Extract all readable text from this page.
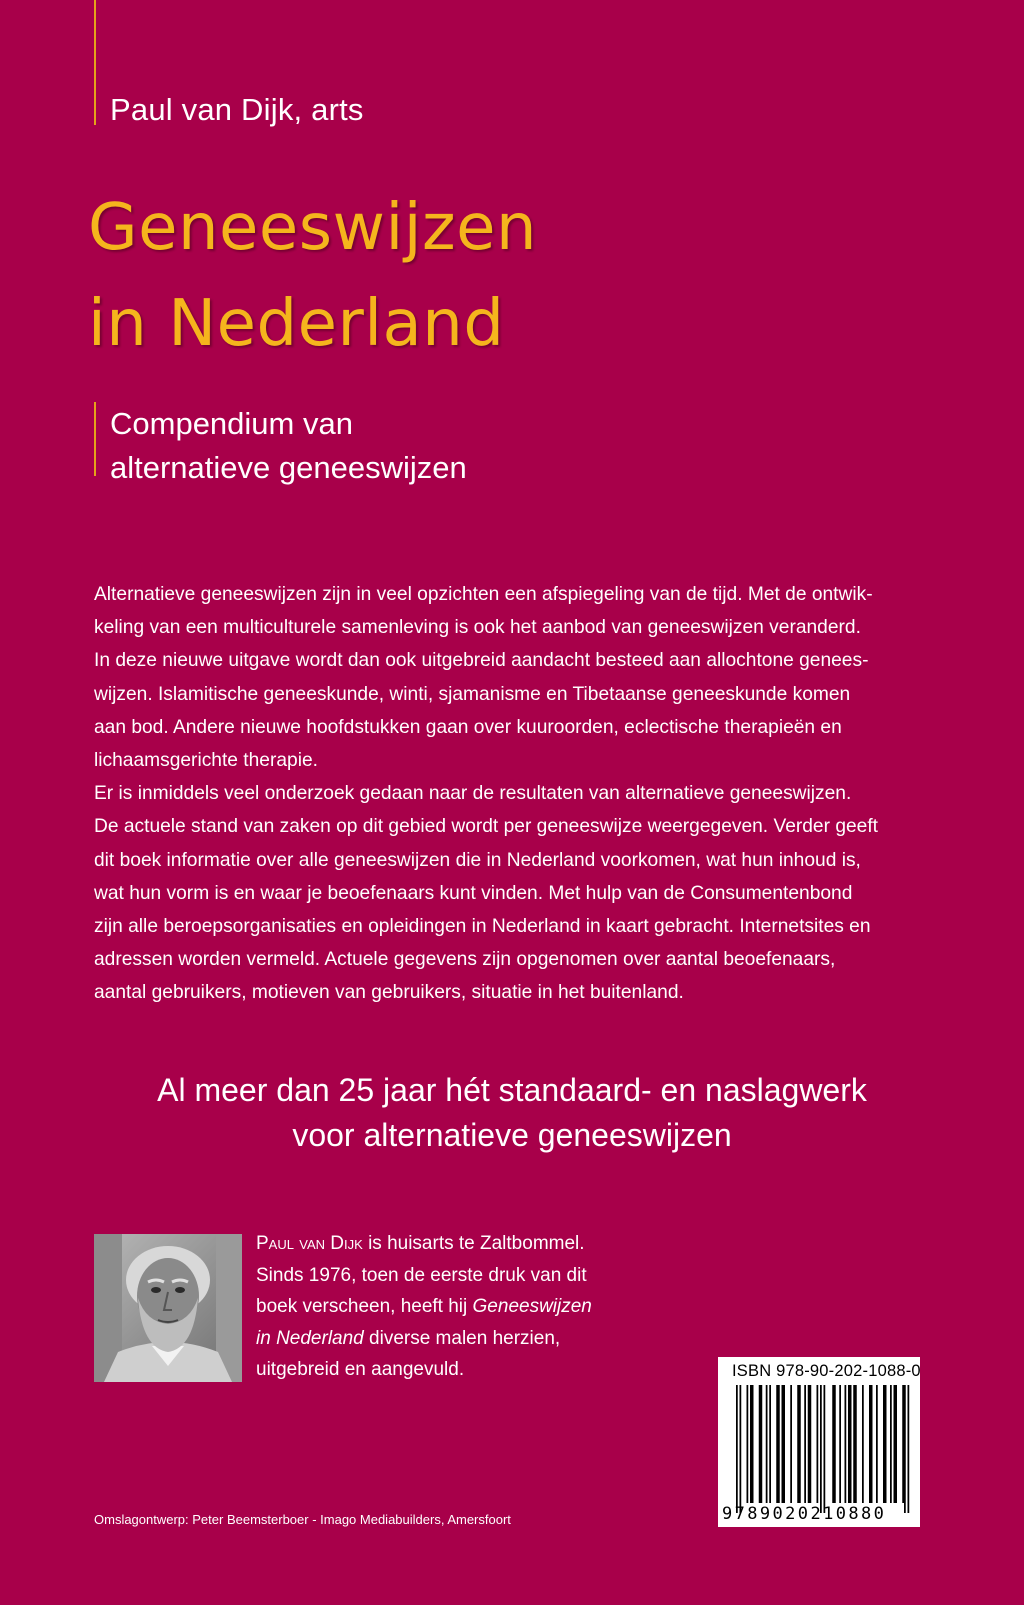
Paul van Dijk, arts
Geneeswijzen
in Nederland
Compendium van
alternatieve geneeswijzen

Alternatieve geneeswijzen zijn in veel opzichten een afspiegeling van de tijd. Met de ontwik-

keling van een multiculturele samenleving is ook het aanbod van geneeswijzen veranderd.

In deze nieuwe uitgave wordt dan ook uitgebreid aandacht besteed aan allochtone genees-

wijzen. Islamitische geneeskunde, winti, sjamanisme en Tibetaanse geneeskunde komen

aan bod. Andere nieuwe hoofdstukken gaan over kuuroorden, eclectische therapieën en

lichaamsgerichte therapie.

Er is inmiddels veel onderzoek gedaan naar de resultaten van alternatieve geneeswijzen.

De actuele stand van zaken op dit gebied wordt per geneeswijze weergegeven. Verder geeft

dit boek informatie over alle geneeswijzen die in Nederland voorkomen, wat hun inhoud is,

wat hun vorm is en waar je beoefenaars kunt vinden. Met hulp van de Consumentenbond

zijn alle beroepsorganisaties en opleidingen in Nederland in kaart gebracht. Internetsites en

adressen worden vermeld. Actuele gegevens zijn opgenomen over aantal beoefenaars,

aantal gebruikers, motieven van gebruikers, situatie in het buitenland.

Al meer dan 25 jaar hét standaard- en naslagwerk
voor alternatieve geneeswijzen

Paul van Dijk is huisarts te Zaltbommel.

Sinds 1976, toen de eerste druk van dit

boek verscheen, heeft hij Geneeswijzen

in Nederland diverse malen herzien,

uitgebreid en aangevuld.	ISBN 978-90-202-1088-0
9789020210880
Omslagontwerp: Peter Beemsterboer - Imago Mediabuilders, Amersfoort
